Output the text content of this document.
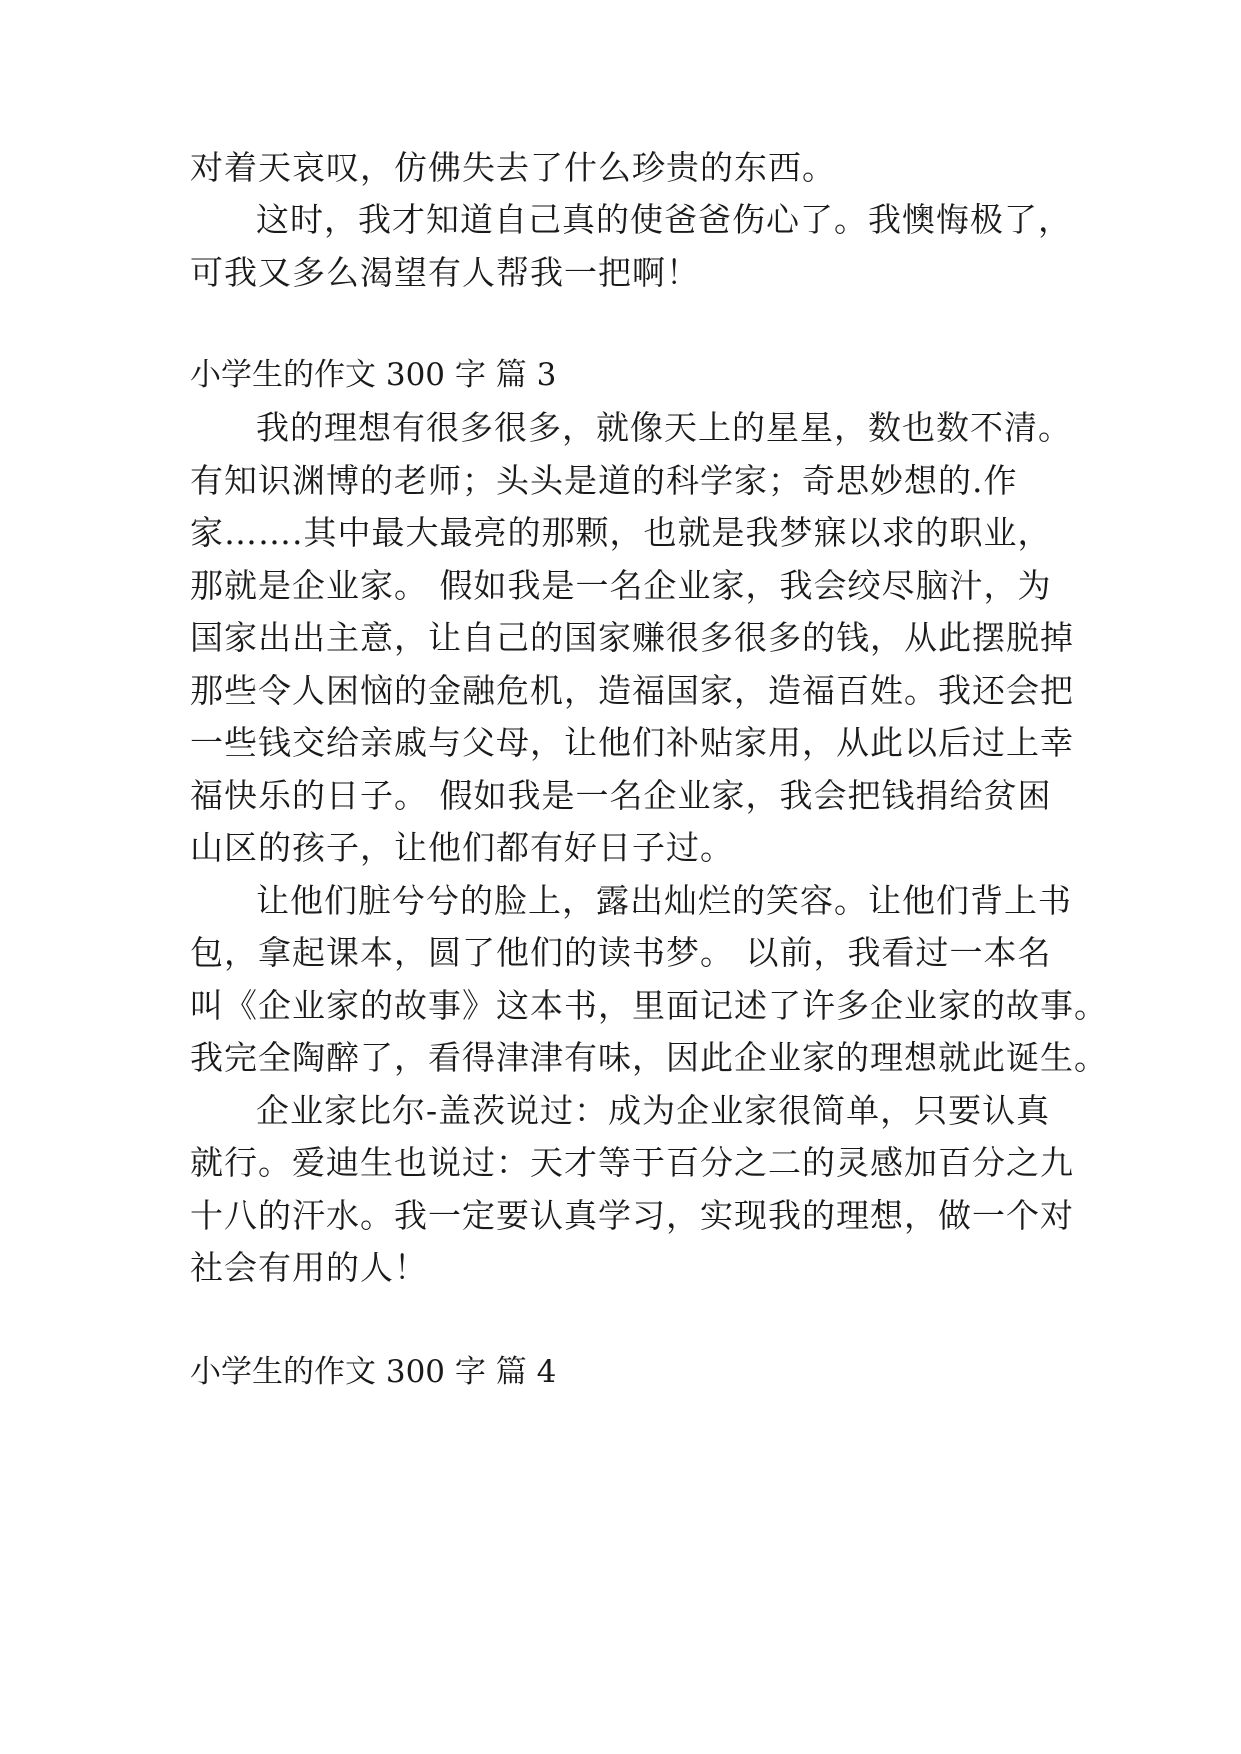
对着天哀叹，仿佛失去了什么珍贵的东西。
这时，我才知道自己真的使爸爸伤心了。我懊悔极了，
可我又多么渴望有人帮我一把啊！
小学生的作文 300 字 篇 3
我的理想有很多很多，就像天上的星星，数也数不清。
有知识渊博的老师；头头是道的科学家；奇思妙想的.作
家…….其中最大最亮的那颗，也就是我梦寐以求的职业，
那就是企业家。 假如我是一名企业家，我会绞尽脑汁，为
国家出出主意，让自己的国家赚很多很多的钱，从此摆脱掉
那些令人困恼的金融危机，造福国家，造福百姓。我还会把
一些钱交给亲戚与父母，让他们补贴家用，从此以后过上幸
福快乐的日子。 假如我是一名企业家，我会把钱捐给贫困
山区的孩子，让他们都有好日子过。
让他们脏兮兮的脸上，露出灿烂的笑容。让他们背上书
包，拿起课本，圆了他们的读书梦。 以前，我看过一本名
叫《企业家的故事》这本书，里面记述了许多企业家的故事。
我完全陶醉了，看得津津有味，因此企业家的理想就此诞生。
企业家比尔-盖茨说过：成为企业家很简单，只要认真
就行。爱迪生也说过：天才等于百分之二的灵感加百分之九
十八的汗水。我一定要认真学习，实现我的理想，做一个对
社会有用的人！
小学生的作文 300 字 篇 4
